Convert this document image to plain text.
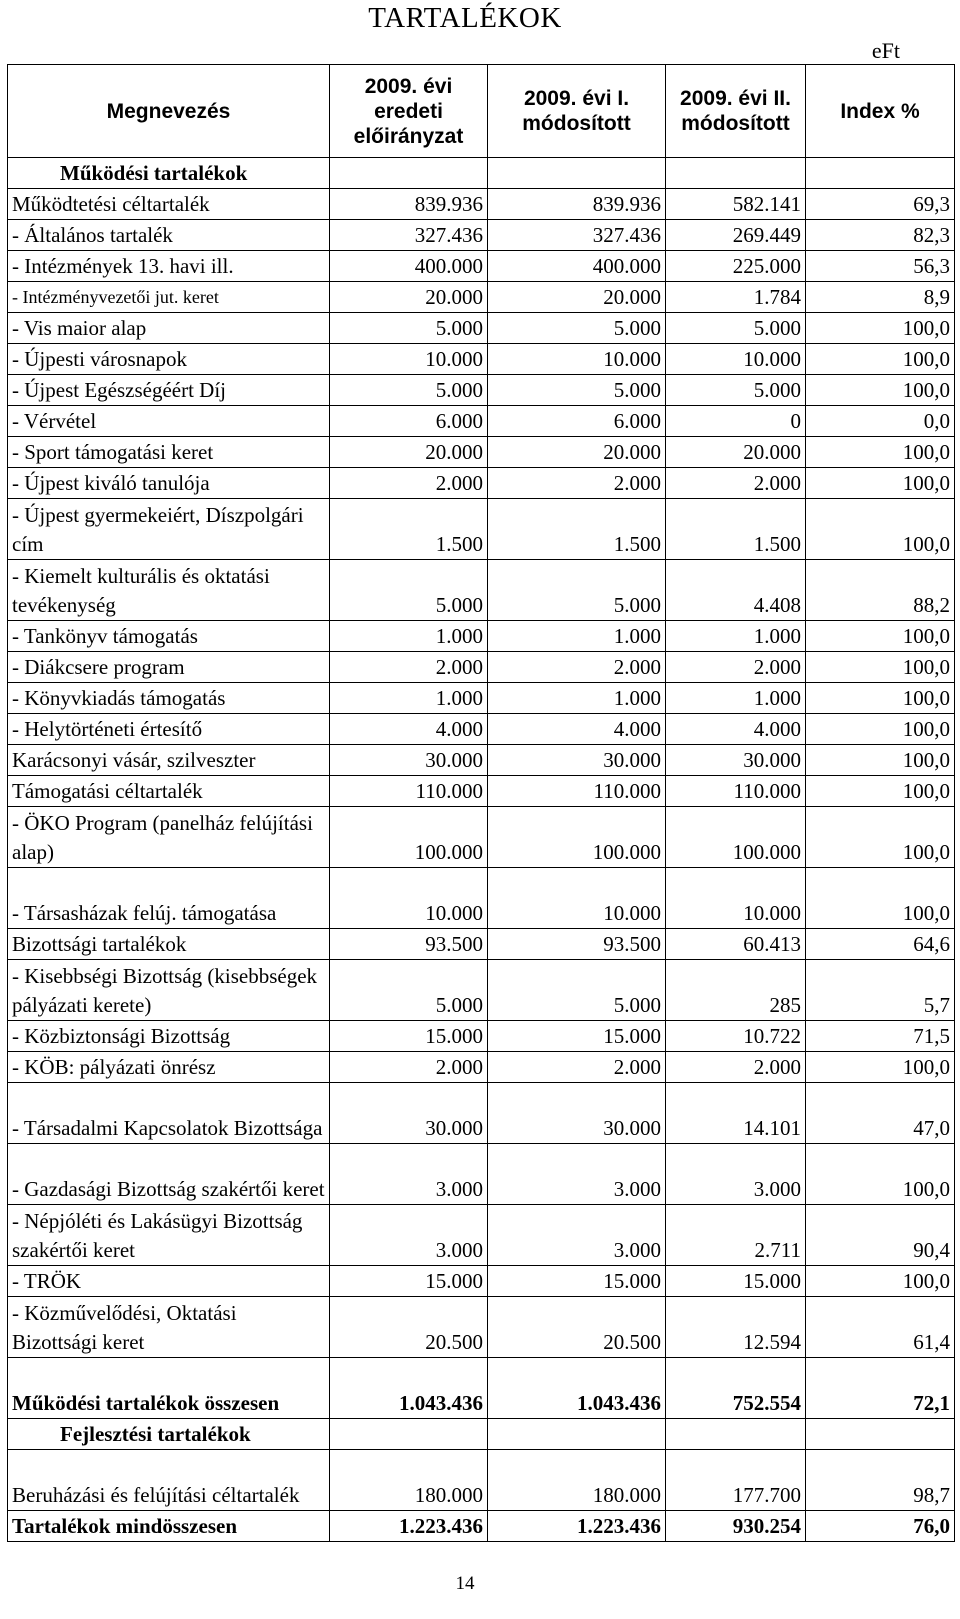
TARTALÉKOK
eFt
Megnevezés	2009. évi eredeti előirányzat	2009. évi I. módosított	2009. évi II. módosított	Index %
Működési tartalékok				
Működtetési céltartalék	839.936	839.936	582.141	69,3
- Általános tartalék	327.436	327.436	269.449	82,3
- Intézmények 13. havi ill.	400.000	400.000	225.000	56,3
- Intézményvezetői jut. keret	20.000	20.000	1.784	8,9
- Vis maior alap	5.000	5.000	5.000	100,0
- Újpesti városnapok	10.000	10.000	10.000	100,0
- Újpest Egészségéért Díj	5.000	5.000	5.000	100,0
- Vérvétel	6.000	6.000	0	0,0
- Sport támogatási keret	20.000	20.000	20.000	100,0
- Újpest kiváló tanulója	2.000	2.000	2.000	100,0
- Újpest gyermekeiért, Díszpolgári cím	1.500	1.500	1.500	100,0
- Kiemelt kulturális és oktatási tevékenység	5.000	5.000	4.408	88,2
- Tankönyv támogatás	1.000	1.000	1.000	100,0
- Diákcsere program	2.000	2.000	2.000	100,0
- Könyvkiadás támogatás	1.000	1.000	1.000	100,0
- Helytörténeti értesítő	4.000	4.000	4.000	100,0
Karácsonyi vásár, szilveszter	30.000	30.000	30.000	100,0
Támogatási céltartalék	110.000	110.000	110.000	100,0
- ÖKO Program (panelház felújítási alap)	100.000	100.000	100.000	100,0
- Társasházak felúj. támogatása	10.000	10.000	10.000	100,0
Bizottsági tartalékok	93.500	93.500	60.413	64,6
- Kisebbségi Bizottság (kisebbségek pályázati kerete)	5.000	5.000	285	5,7
- Közbiztonsági Bizottság	15.000	15.000	10.722	71,5
- KÖB: pályázati önrész	2.000	2.000	2.000	100,0
- Társadalmi Kapcsolatok Bizottsága	30.000	30.000	14.101	47,0
- Gazdasági Bizottság szakértői keret	3.000	3.000	3.000	100,0
- Népjóléti és Lakásügyi Bizottság szakértői keret	3.000	3.000	2.711	90,4
- TRÖK	15.000	15.000	15.000	100,0
- Közművelődési, Oktatási Bizottsági keret	20.500	20.500	12.594	61,4
Működési tartalékok összesen	1.043.436	1.043.436	752.554	72,1
Fejlesztési tartalékok				
Beruházási és felújítási céltartalék	180.000	180.000	177.700	98,7
Tartalékok mindösszesen	1.223.436	1.223.436	930.254	76,0
14
